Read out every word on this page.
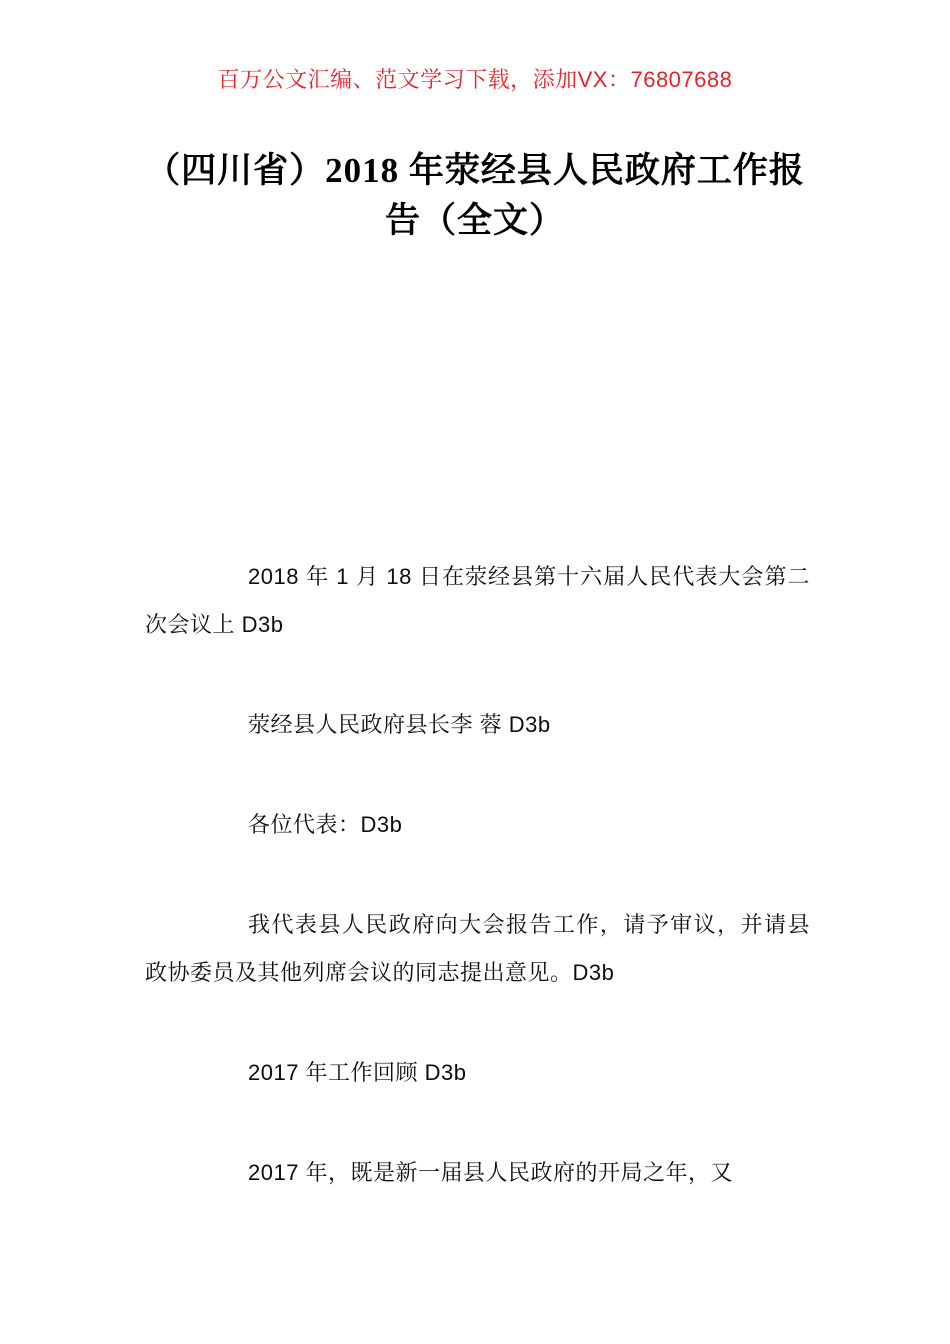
百万公文汇编、范文学习下载，添加VX：76807688
（四川省）2018 年荥经县人民政府工作报
告（全文）

2018 年 1 月 18 日在荥经县第十六届人民代表大会第二次会议上 D3b

荥经县人民政府县长李 蓉 D3b

各位代表：D3b

我代表县人民政府向大会报告工作，请予审议，并请县政协委员及其他列席会议的同志提出意见。D3b

2017 年工作回顾 D3b

2017 年，既是新一届县人民政府的开局之年，又
